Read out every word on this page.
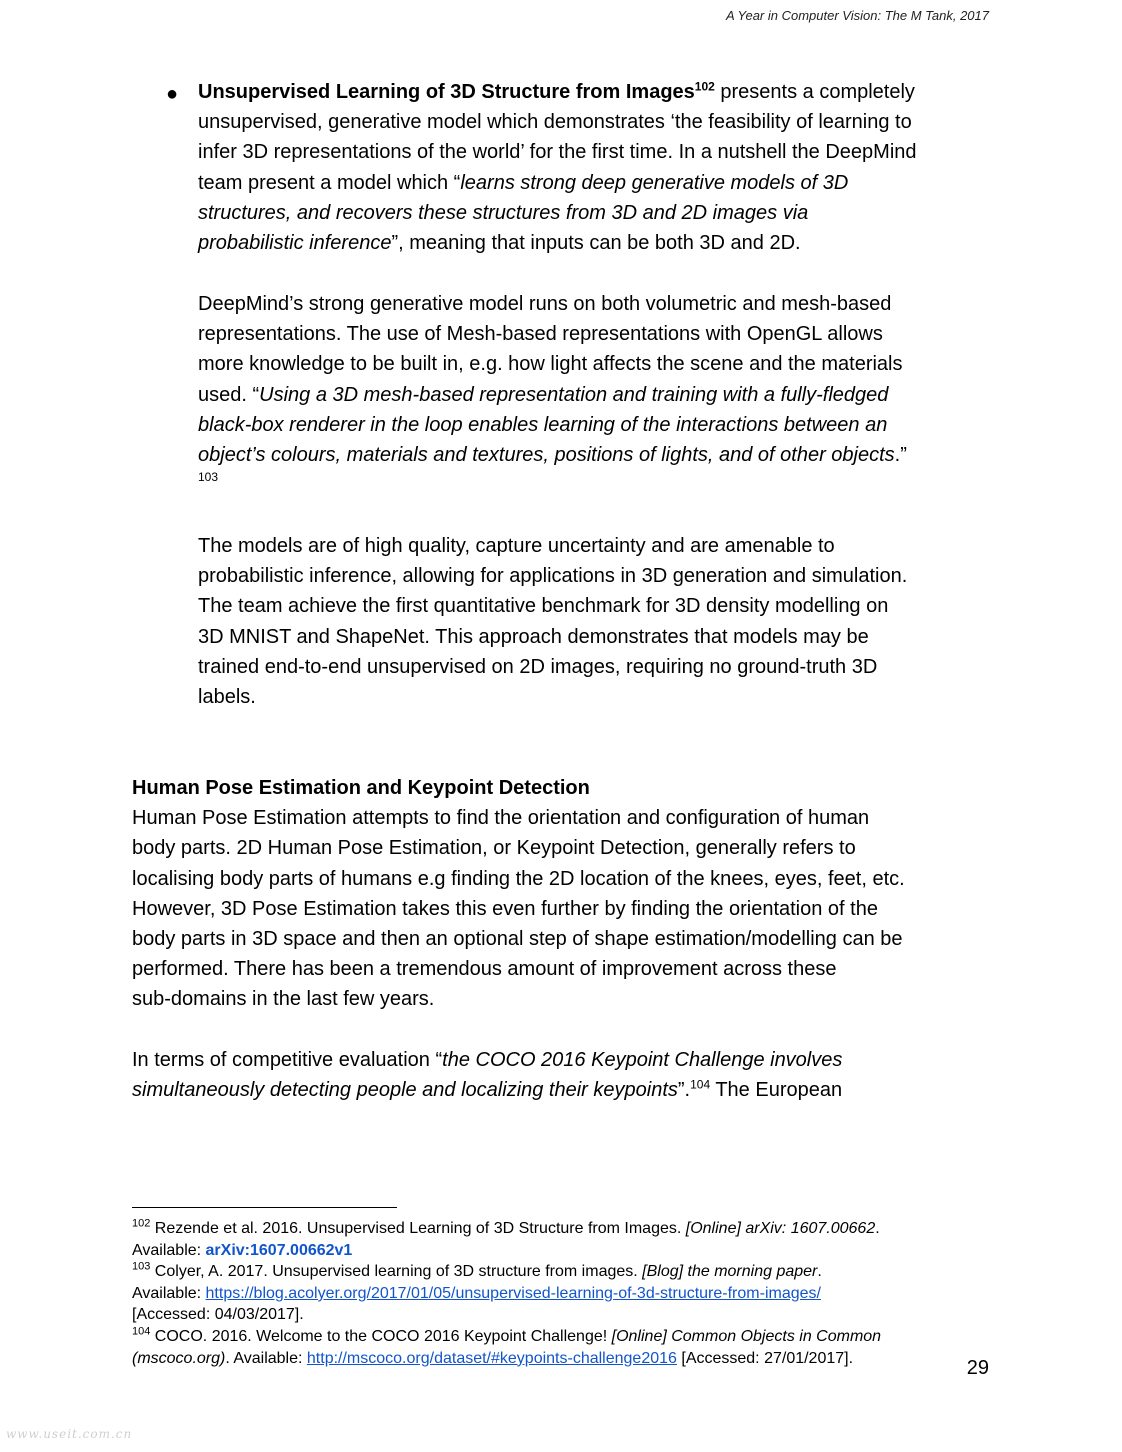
A Year in Computer Vision: The M Tank, 2017
● Unsupervised Learning of 3D Structure from Images$^{102}$ presents a completely
unsupervised, generative model which demonstrates ‘the feasibility of learning to
infer 3D representations of the world’ for the first time. In a nutshell the DeepMind
team present a model which “learns strong deep generative models of 3D
structures, and recovers these structures from 3D and 2D images via
probabilistic inference”, meaning that inputs can be both 3D and 2D.
DeepMind’s strong generative model runs on both volumetric and mesh-based
representations. The use of Mesh-based representations with OpenGL allows
more knowledge to be built in, e.g. how light affects the scene and the materials
used. “Using a 3D mesh-based representation and training with a fully-fledged
black-box renderer in the loop enables learning of the interactions between an
object’s colours, materials and textures, positions of lights, and of other objects.”
103
The models are of high quality, capture uncertainty and are amenable to
probabilistic inference, allowing for applications in 3D generation and simulation.
The team achieve the first quantitative benchmark for 3D density modelling on
3D MNIST and ShapeNet. This approach demonstrates that models may be
trained end-to-end unsupervised on 2D images, requiring no ground-truth 3D
labels.
Human Pose Estimation and Keypoint Detection
Human Pose Estimation attempts to find the orientation and configuration of human
body parts. 2D Human Pose Estimation, or Keypoint Detection, generally refers to
localising body parts of humans e.g finding the 2D location of the knees, eyes, feet, etc.
However, 3D Pose Estimation takes this even further by finding the orientation of the
body parts in 3D space and then an optional step of shape estimation/modelling can be
performed. There has been a tremendous amount of improvement across these
sub-domains in the last few years.
In terms of competitive evaluation “the COCO 2016 Keypoint Challenge involves
simultaneously detecting people and localizing their keypoints”.$^{104}$ The European
$^{102}$ Rezende et al. 2016. Unsupervised Learning of 3D Structure from Images. [Online] arXiv: 1607.00662.
Available: arXiv:1607.00662v1
$^{103}$ Colyer, A. 2017. Unsupervised learning of 3D structure from images. [Blog] the morning paper.
Available: https://blog.acolyer.org/2017/01/05/unsupervised-learning-of-3d-structure-from-images/
[Accessed: 04/03/2017].
$^{104}$ COCO. 2016. Welcome to the COCO 2016 Keypoint Challenge! [Online] Common Objects in Common
(mscoco.org). Available: http://mscoco.org/dataset/#keypoints-challenge2016 [Accessed: 27/01/2017].	29
www.useit.com.cn
